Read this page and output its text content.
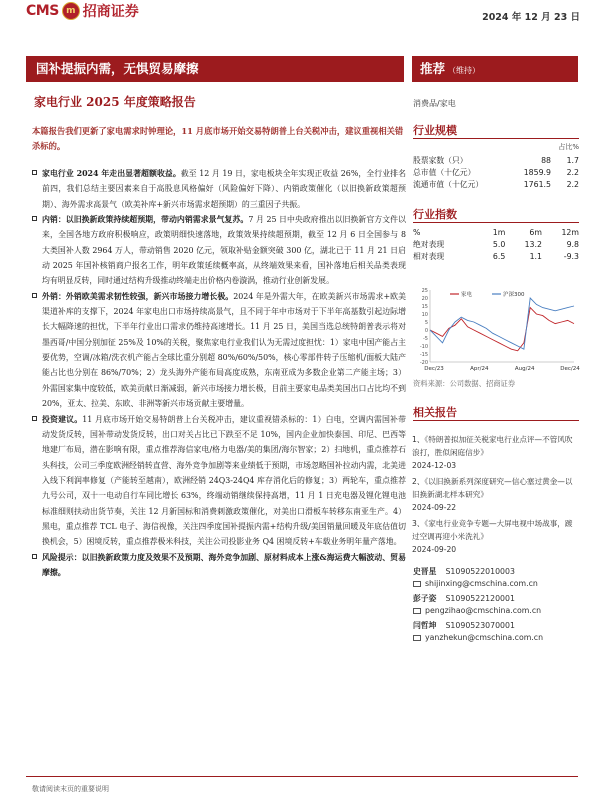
CMS m 招商证券	2024 年 12 月 23 日
国补提振内需，无惧贸易摩擦	推荐 （维持）
家电行业 2025 年度策略报告	消费品/家电
本篇报告我们更新了家电需求时钟理论，11 月底市场开始交易特朗普上台关税冲击，建议重视相关错杀标的。
家电行业 2024 年走出显著超额收益。截至 12 月 19 日，家电板块全年实现正收益 26%，全行业排名前四，我们总结主要因素来自于高股息风格偏好（风险偏好下降）、内销政策催化（以旧换新政策超预期）、海外需求高景气（欧美补库+新兴市场需求超预期）的三重因子共振。
内销：以旧换新政策持续超预期，带动内销需求景气复苏。7 月 25 日中央政府推出以旧换新官方文件以来，全国各地方政府积极响应，政策明细快速落地，政策效果持续超预期，截至 12 月 6 日全国参与 8 大类国补人数 2964 万人，带动销售 2020 亿元，领取补贴金额突破 300 亿，湖北已于 11 月 21 日启动 2025 年国补核销商户报名工作，明年政策延续概率高，从终端效果来看，国补落地后相关品类表现均有明显反转，同时通过结构升级推动终端走出价格内卷漩涡，推动行业创新发展。
外销：外销欧美需求韧性较强，新兴市场接力增长极。2024 年是外需大年，在欧美新兴市场需求+欧美渠道补库的支撑下，2024 年家电出口市场持续高景气，且不同于年中市场对于下半年高基数引起边际增长大幅降速的担忧，下半年行业出口需求仍维持高速增长。11 月 25 日，美国当选总统特朗普表示将对墨西哥/中国分别加征 25%及 10%的关税，聚焦家电行业我们认为无需过度担忧：1）家电中国产能占主要优势，空调/冰箱/洗衣机产能占全球比重分别超 80%/60%/50%，核心零部件转子压缩机/面板大陆产能占比也分别在 86%/70%；2）龙头海外产能布局高度成熟，东南亚成为多数企业第二产能主场；3）外需国家集中度较低，欧美贡献日渐减弱，新兴市场接力增长极，目前主要家电品类美国出口占比均不到 20%，亚太、拉美、东欧、非洲等新兴市场贡献主要增量。
投资建议。11 月底市场开始交易特朗普上台关税冲击，建议重视错杀标的：1）白电，空调内需国补带动发货反转，国补带动发货反转，出口对关占比已下跌至不足 10%，国内企业加快泰国、印尼、巴西等地建厂布局，潜在影响有限，重点推荐海信家电/格力电器/美的集团/海尔智家；2）扫地机，重点推荐石头科技，公司三季度欧洲经销转直营、海外竞争加剧等来业绩低于预期，市场忽略国补拉动内需，北美进入线下利润率修复（产能转至越南），欧洲经销 24Q3-24Q4 库存消化后的修复；3）两轮车，重点推荐九号公司，双十一电动自行车同比增长 63%，终端动销继续保持高增，11 月 1 日充电器及锂化锂电池标准细则扶动出货节奏，关注 12 月新国标和消费刺激政策催化，对美出口滑板车转移东南亚生产。4）黑电，重点推荐 TCL 电子、海信视像，关注四季度国补提振内需+结构升级/美国销量回暖及年底估值切换机会，5）困境反转，重点推荐极米科技，关注公司投影业务 Q4 困境反转+车载业务明年量产落地。
风险提示：以旧换新政策力度及效果不及预期、海外竞争加剧、原材料成本上涨&海运费大幅波动、贸易摩擦。
行业规模
占比%
股票家数（只）	88	1.7
总市值（十亿元）	1859.9	2.2
流通市值（十亿元）	1761.5	2.2
行业指数
%	1m	6m	12m
绝对表现	5.0	13.2	9.8
相对表现	6.5	1.1	-9.3
25
20
15
10
5
0
-5
-10
-15
-20
Dec/23	Apr/24	Aug/24	Dec/24
家电	沪深300
资料来源：公司数据、招商证券
相关报告
1、《特朗普拟加征关税家电行业点评—不管风吹浪打，胜似闲庭信步》
2024-12-03
2、《以旧换新系列深度研究—信心塞过黄金—以旧换新湖北样本研究》
2024-09-22
3、《家电行业竞争专题—大屏电视中场战事，踱过空调再迎小米洗礼》
2024-09-20
史晋星 S1090522010003
shijinxing@cmschina.com.cn
彭子姿 S1090522120001
pengzihao@cmschina.com.cn
闫哲坤 S1090523070001
yanzhekun@cmschina.com.cn
敬请阅读末页的重要说明
